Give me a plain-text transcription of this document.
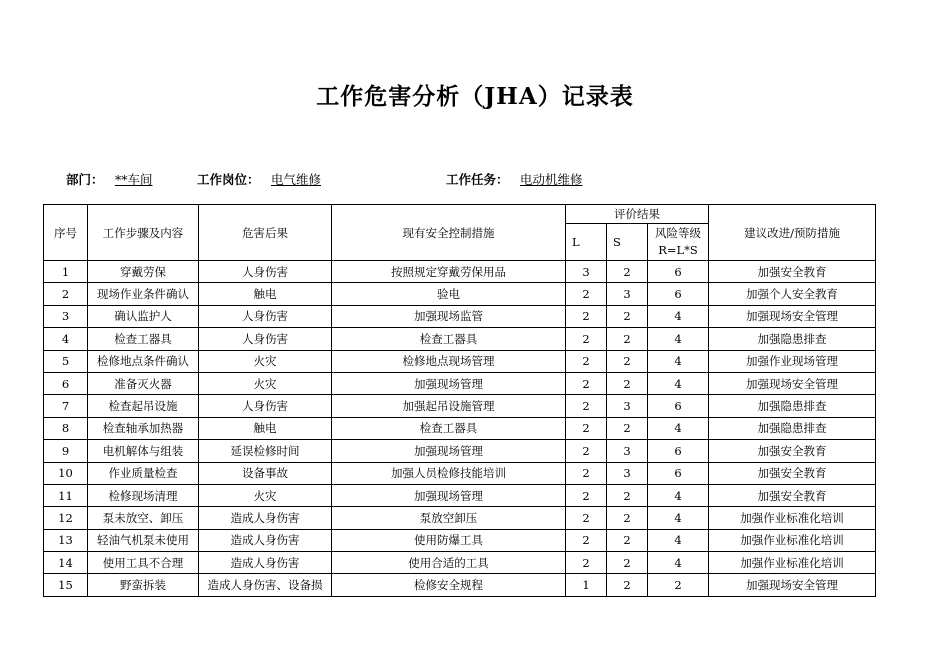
工作危害分析（JHA）记录表
部门： **车间	工作岗位： 电气维修	工作任务： 电动机维修
序号	工作步骤及内容	危害后果	现有安全控制措施	评价结果			建议改进/预防措施
				L	S	风险等级
R=L*S	

1	穿戴劳保	人身伤害	按照规定穿戴劳保用品	3	2	6	加强安全教育
2	现场作业条件确认	触电	验电	2	3	6	加强个人安全教育
3	确认监护人	人身伤害	加强现场监管	2	2	4	加强现场安全管理
4	检查工器具	人身伤害	检查工器具	2	2	4	加强隐患排查
5	检修地点条件确认	火灾	检修地点现场管理	2	2	4	加强作业现场管理
6	准备灭火器	火灾	加强现场管理	2	2	4	加强现场安全管理
7	检查起吊设施	人身伤害	加强起吊设施管理	2	3	6	加强隐患排查
8	检查轴承加热器	触电	检查工器具	2	2	4	加强隐患排查
9	电机解体与组装	延误检修时间	加强现场管理	2	3	6	加强安全教育
10	作业质量检查	设备事故	加强人员检修技能培训	2	3	6	加强安全教育
11	检修现场清理	火灾	加强现场管理	2	2	4	加强安全教育
12	泵未放空、卸压	造成人身伤害	泵放空卸压	2	2	4	加强作业标准化培训
13	轻油气机泵未使用	造成人身伤害	使用防爆工具	2	2	4	加强作业标准化培训
14	使用工具不合理	造成人身伤害	使用合适的工具	2	2	4	加强作业标准化培训
15	野蛮拆装	造成人身伤害、设备损	检修安全规程	1	2	2	加强现场安全管理
